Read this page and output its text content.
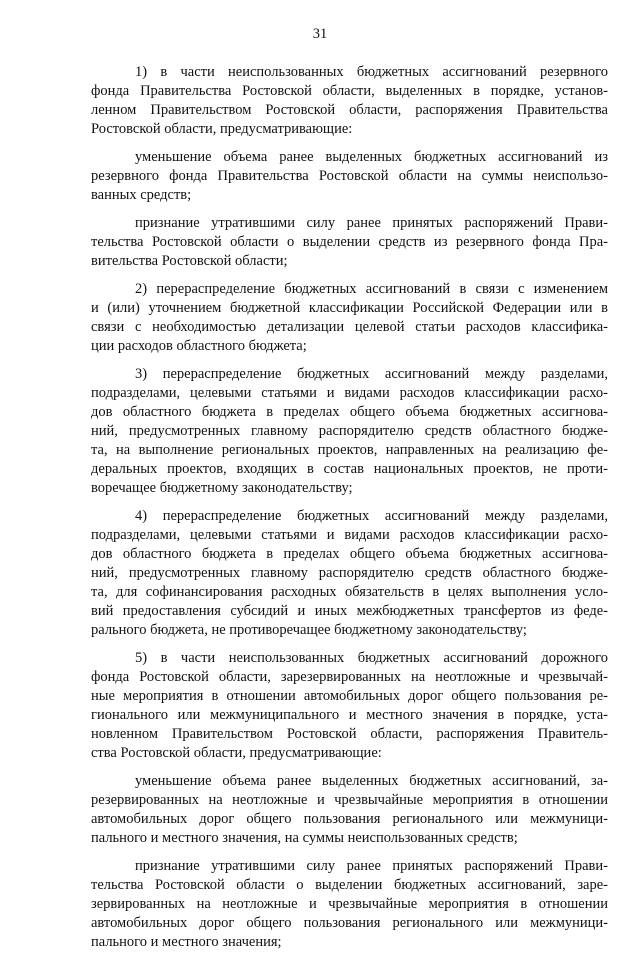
31
1) в части неиспользованных бюджетных ассигнований резервного
фонда Правительства Ростовской области, выделенных в порядке, установ-
ленном Правительством Ростовской области, распоряжения Правительства
Ростовской области, предусматривающие:
уменьшение объема ранее выделенных бюджетных ассигнований из
резервного фонда Правительства Ростовской области на суммы неиспользо-
ванных средств;
признание утратившими силу ранее принятых распоряжений Прави-
тельства Ростовской области о выделении средств из резервного фонда Пра-
вительства Ростовской области;
2) перераспределение бюджетных ассигнований в связи с изменением
и (или) уточнением бюджетной классификации Российской Федерации или в
связи с необходимостью детализации целевой статьи расходов классифика-
ции расходов областного бюджета;
3) перераспределение бюджетных ассигнований между разделами,
подразделами, целевыми статьями и видами расходов классификации расхо-
дов областного бюджета в пределах общего объема бюджетных ассигнова-
ний, предусмотренных главному распорядителю средств областного бюдже-
та, на выполнение региональных проектов, направленных на реализацию фе-
деральных проектов, входящих в состав национальных проектов, не проти-
воречащее бюджетному законодательству;
4) перераспределение бюджетных ассигнований между разделами,
подразделами, целевыми статьями и видами расходов классификации расхо-
дов областного бюджета в пределах общего объема бюджетных ассигнова-
ний, предусмотренных главному распорядителю средств областного бюдже-
та, для софинансирования расходных обязательств в целях выполнения усло-
вий предоставления субсидий и иных межбюджетных трансфертов из феде-
рального бюджета, не противоречащее бюджетному законодательству;
5) в части неиспользованных бюджетных ассигнований дорожного
фонда Ростовской области, зарезервированных на неотложные и чрезвычай-
ные мероприятия в отношении автомобильных дорог общего пользования ре-
гионального или межмуниципального и местного значения в порядке, уста-
новленном Правительством Ростовской области, распоряжения Правитель-
ства Ростовской области, предусматривающие:
уменьшение объема ранее выделенных бюджетных ассигнований, за-
резервированных на неотложные и чрезвычайные мероприятия в отношении
автомобильных дорог общего пользования регионального или межмуници-
пального и местного значения, на суммы неиспользованных средств;
признание утратившими силу ранее принятых распоряжений Прави-
тельства Ростовской области о выделении бюджетных ассигнований, заре-
зервированных на неотложные и чрезвычайные мероприятия в отношении
автомобильных дорог общего пользования регионального или межмуници-
пального и местного значения;
